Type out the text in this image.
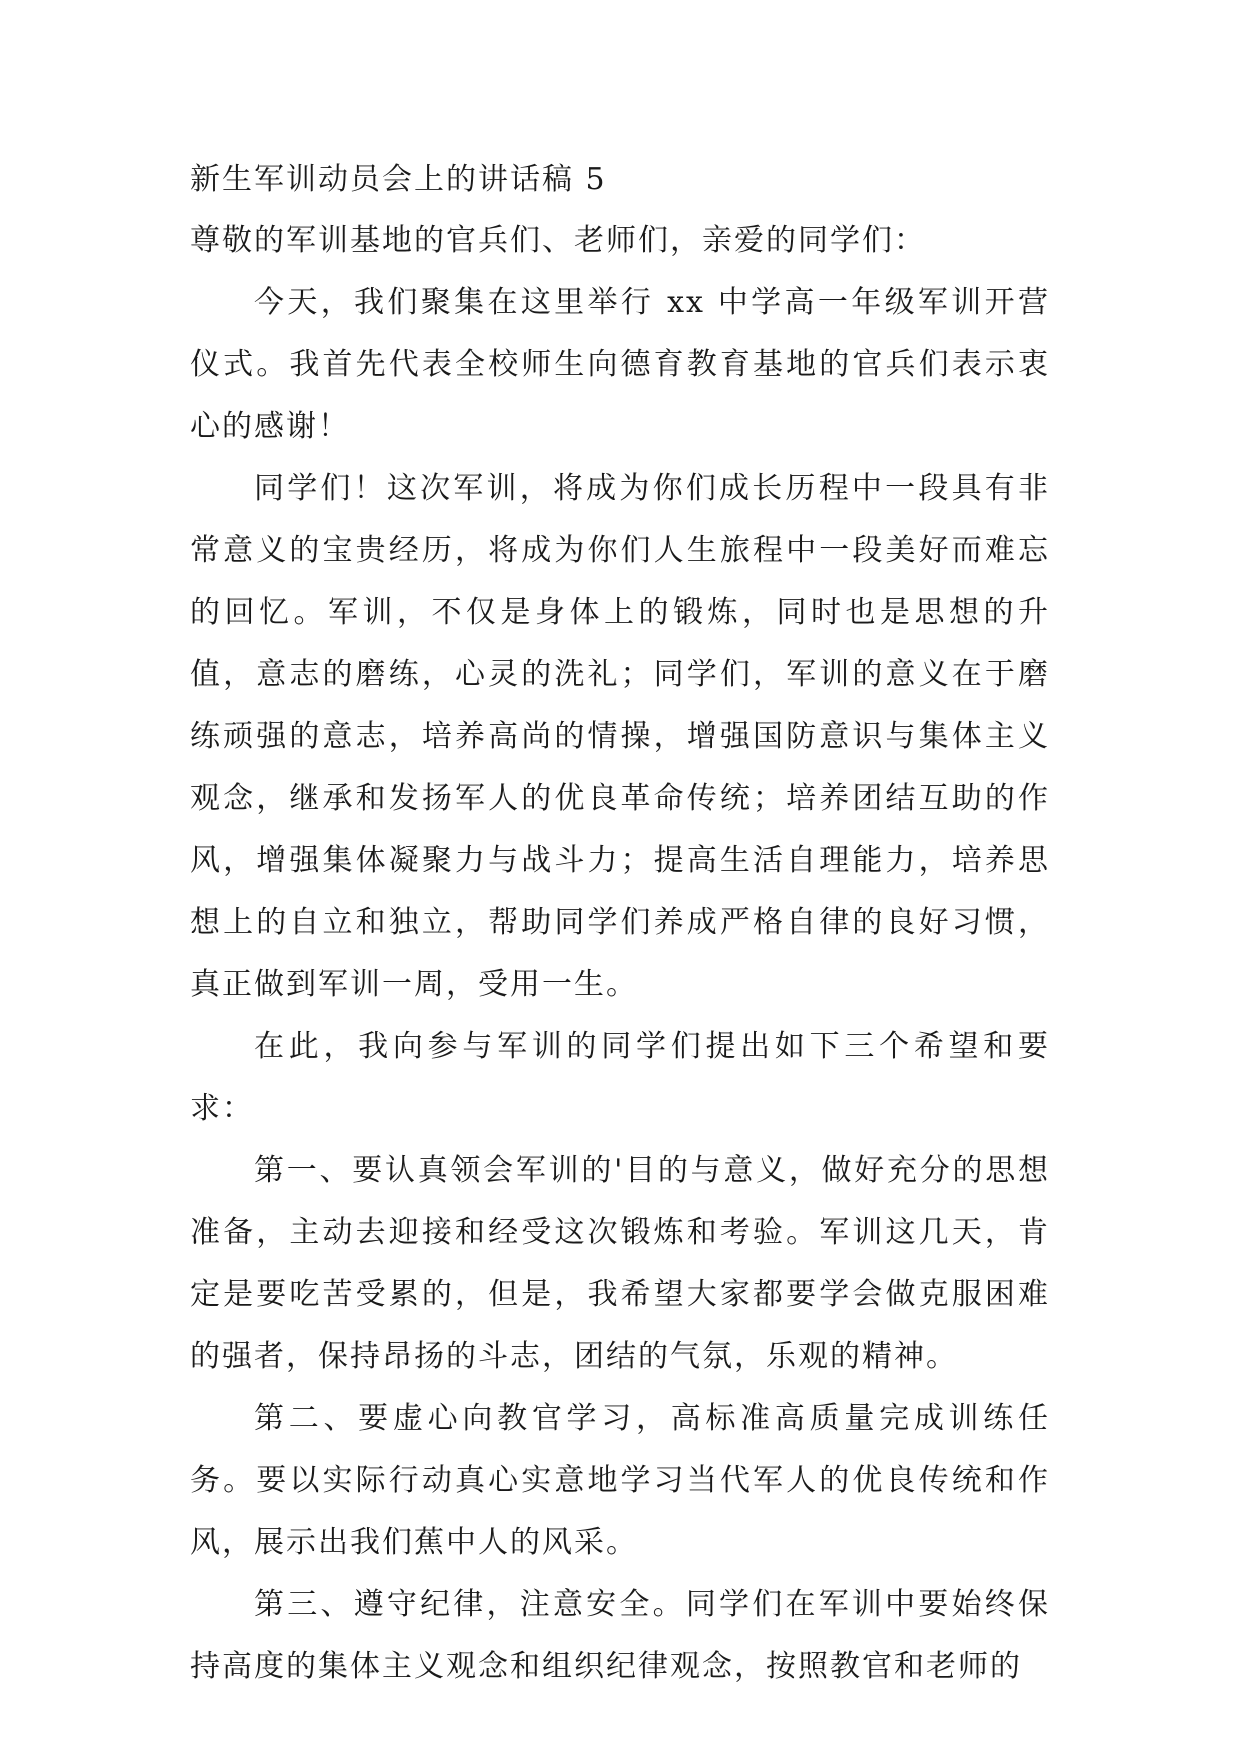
新生军训动员会上的讲话稿 5

尊敬的军训基地的官兵们、老师们，亲爱的同学们：

今天，我们聚集在这里举行 xx 中学高一年级军训开营仪式。我首先代表全校师生向德育教育基地的官兵们表示衷心的感谢！

同学们！这次军训，将成为你们成长历程中一段具有非常意义的宝贵经历，将成为你们人生旅程中一段美好而难忘的回忆。军训，不仅是身体上的锻炼，同时也是思想的升值，意志的磨练，心灵的洗礼；同学们，军训的意义在于磨练顽强的意志，培养高尚的情操，增强国防意识与集体主义观念，继承和发扬军人的优良革命传统；培养团结互助的作风，增强集体凝聚力与战斗力；提高生活自理能力，培养思想上的自立和独立，帮助同学们养成严格自律的良好习惯，真正做到军训一周，受用一生。

在此，我向参与军训的同学们提出如下三个希望和要求：

第一、要认真领会军训的'目的与意义，做好充分的思想准备，主动去迎接和经受这次锻炼和考验。军训这几天，肯定是要吃苦受累的，但是，我希望大家都要学会做克服困难的强者，保持昂扬的斗志，团结的气氛，乐观的精神。

第二、要虚心向教官学习，高标准高质量完成训练任务。要以实际行动真心实意地学习当代军人的优良传统和作风，展示出我们蕉中人的风采。

第三、遵守纪律，注意安全。同学们在军训中要始终保持高度的集体主义观念和组织纪律观念，按照教官和老师的
